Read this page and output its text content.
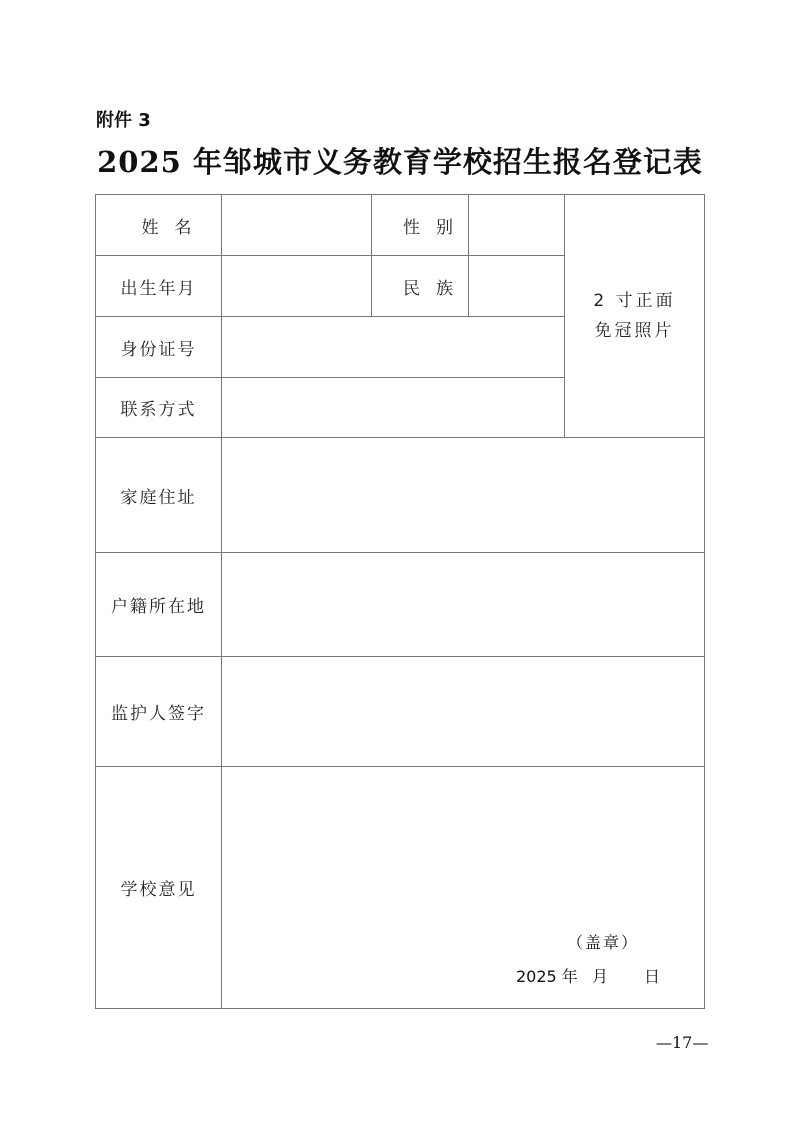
附件 3
2025 年邹城市义务教育学校招生报名登记表
姓名	性别
出生年月	民族
身份证号
联系方式
2 寸正面
免冠照片
家庭住址
户籍所在地
监护人签字
学校意见
（盖章）
2025 年 月 日
—17—
